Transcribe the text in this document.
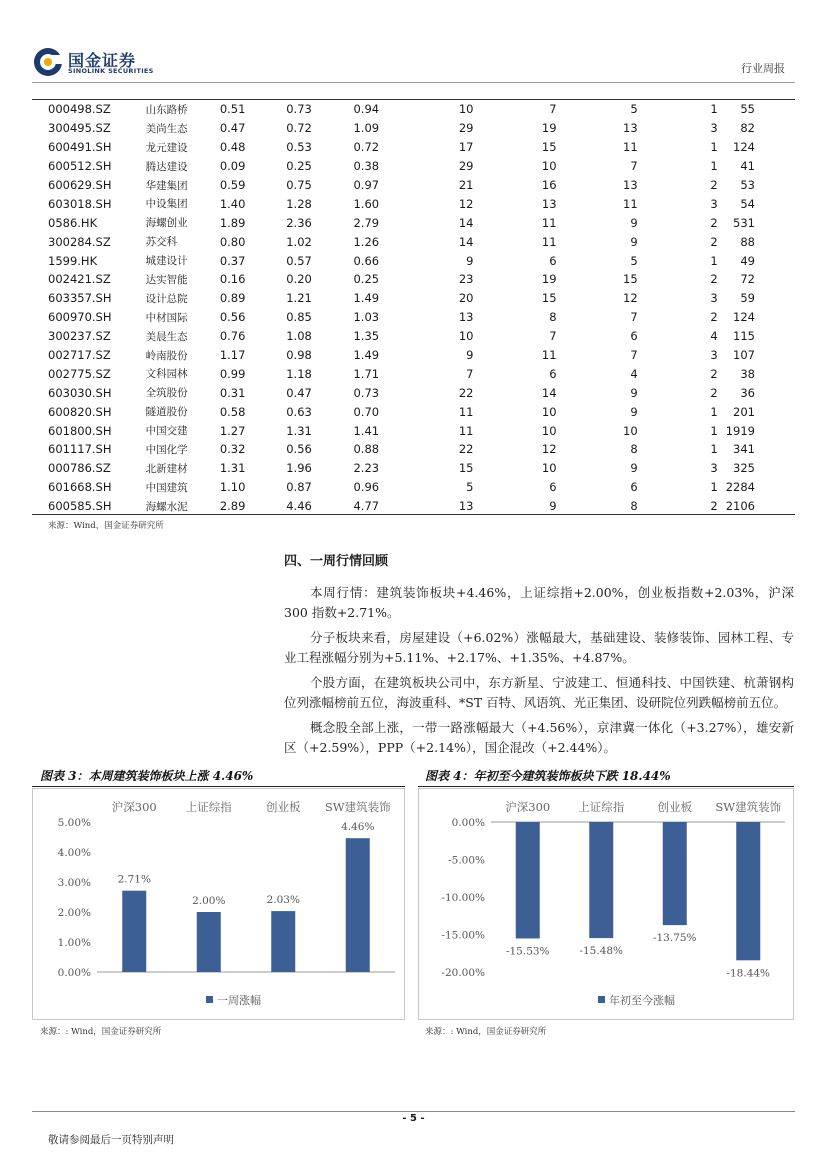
国金证券
SINOLINK SECURITIES	行业周报
000498.SZ	山东路桥	0.51	0.73	0.94	10	7	5	1	55
300495.SZ	美尚生态	0.47	0.72	1.09	29	19	13	3	82
600491.SH	龙元建设	0.48	0.53	0.72	17	15	11	1	124
600512.SH	腾达建设	0.09	0.25	0.38	29	10	7	1	41
600629.SH	华建集团	0.59	0.75	0.97	21	16	13	2	53
603018.SH	中设集团	1.40	1.28	1.60	12	13	11	3	54
0586.HK	海螺创业	1.89	2.36	2.79	14	11	9	2	531
300284.SZ	苏交科	0.80	1.02	1.26	14	11	9	2	88
1599.HK	城建设计	0.37	0.57	0.66	9	6	5	1	49
002421.SZ	达实智能	0.16	0.20	0.25	23	19	15	2	72
603357.SH	设计总院	0.89	1.21	1.49	20	15	12	3	59
600970.SH	中材国际	0.56	0.85	1.03	13	8	7	2	124
300237.SZ	美晨生态	0.76	1.08	1.35	10	7	6	4	115
002717.SZ	岭南股份	1.17	0.98	1.49	9	11	7	3	107
002775.SZ	文科园林	0.99	1.18	1.71	7	6	4	2	38
603030.SH	全筑股份	0.31	0.47	0.73	22	14	9	2	36
600820.SH	隧道股份	0.58	0.63	0.70	11	10	9	1	201
601800.SH	中国交建	1.27	1.31	1.41	11	10	10	1	1919
601117.SH	中国化学	0.32	0.56	0.88	22	12	8	1	341
000786.SZ	北新建材	1.31	1.96	2.23	15	10	9	3	325
601668.SH	中国建筑	1.10	0.87	0.96	5	6	6	1	2284
600585.SH	海螺水泥	2.89	4.46	4.77	13	9	8	2	2106
来源：Wind，国金证券研究所
四、一周行情回顾

本周行情：建筑装饰板块+4.46%，上证综指+2.00%，创业板指数+2.03%，沪深 300 指数+2.71%。

分子板块来看，房屋建设（+6.02%）涨幅最大，基础建设、装修装饰、园林工程、专业工程涨幅分别为+5.11%、+2.17%、+1.35%、+4.87%。

个股方面，在建筑板块公司中，东方新星、宁波建工、恒通科技、中国铁建、杭萧钢构位列涨幅榜前五位，海波重科、*ST 百特、风语筑、光正集团、设研院位列跌幅榜前五位。

概念股全部上涨，一带一路涨幅最大（+4.56%），京津冀一体化（+3.27%），雄安新区（+2.59%），PPP（+2.14%），国企混改（+2.44%）。

图表 3：本周建筑装饰板块上涨 4.46%
0.00%
1.00%
2.00%
3.00%
4.00%
5.00%
沪深300
2.71%
上证综指
2.00%
创业板
2.03%
SW建筑装饰
4.46%
一周涨幅
来源：: Wind，国金证券研究所
图表 4：年初至今建筑装饰板块下跌 18.44%
0.00%
-5.00%
-10.00%
-15.00%
-20.00%
沪深300
-15.53%
上证综指
-15.48%
创业板
-13.75%
SW建筑装饰
-18.44%
年初至今涨幅
来源：: Wind，国金证券研究所
- 5 -
敬请参阅最后一页特别声明
